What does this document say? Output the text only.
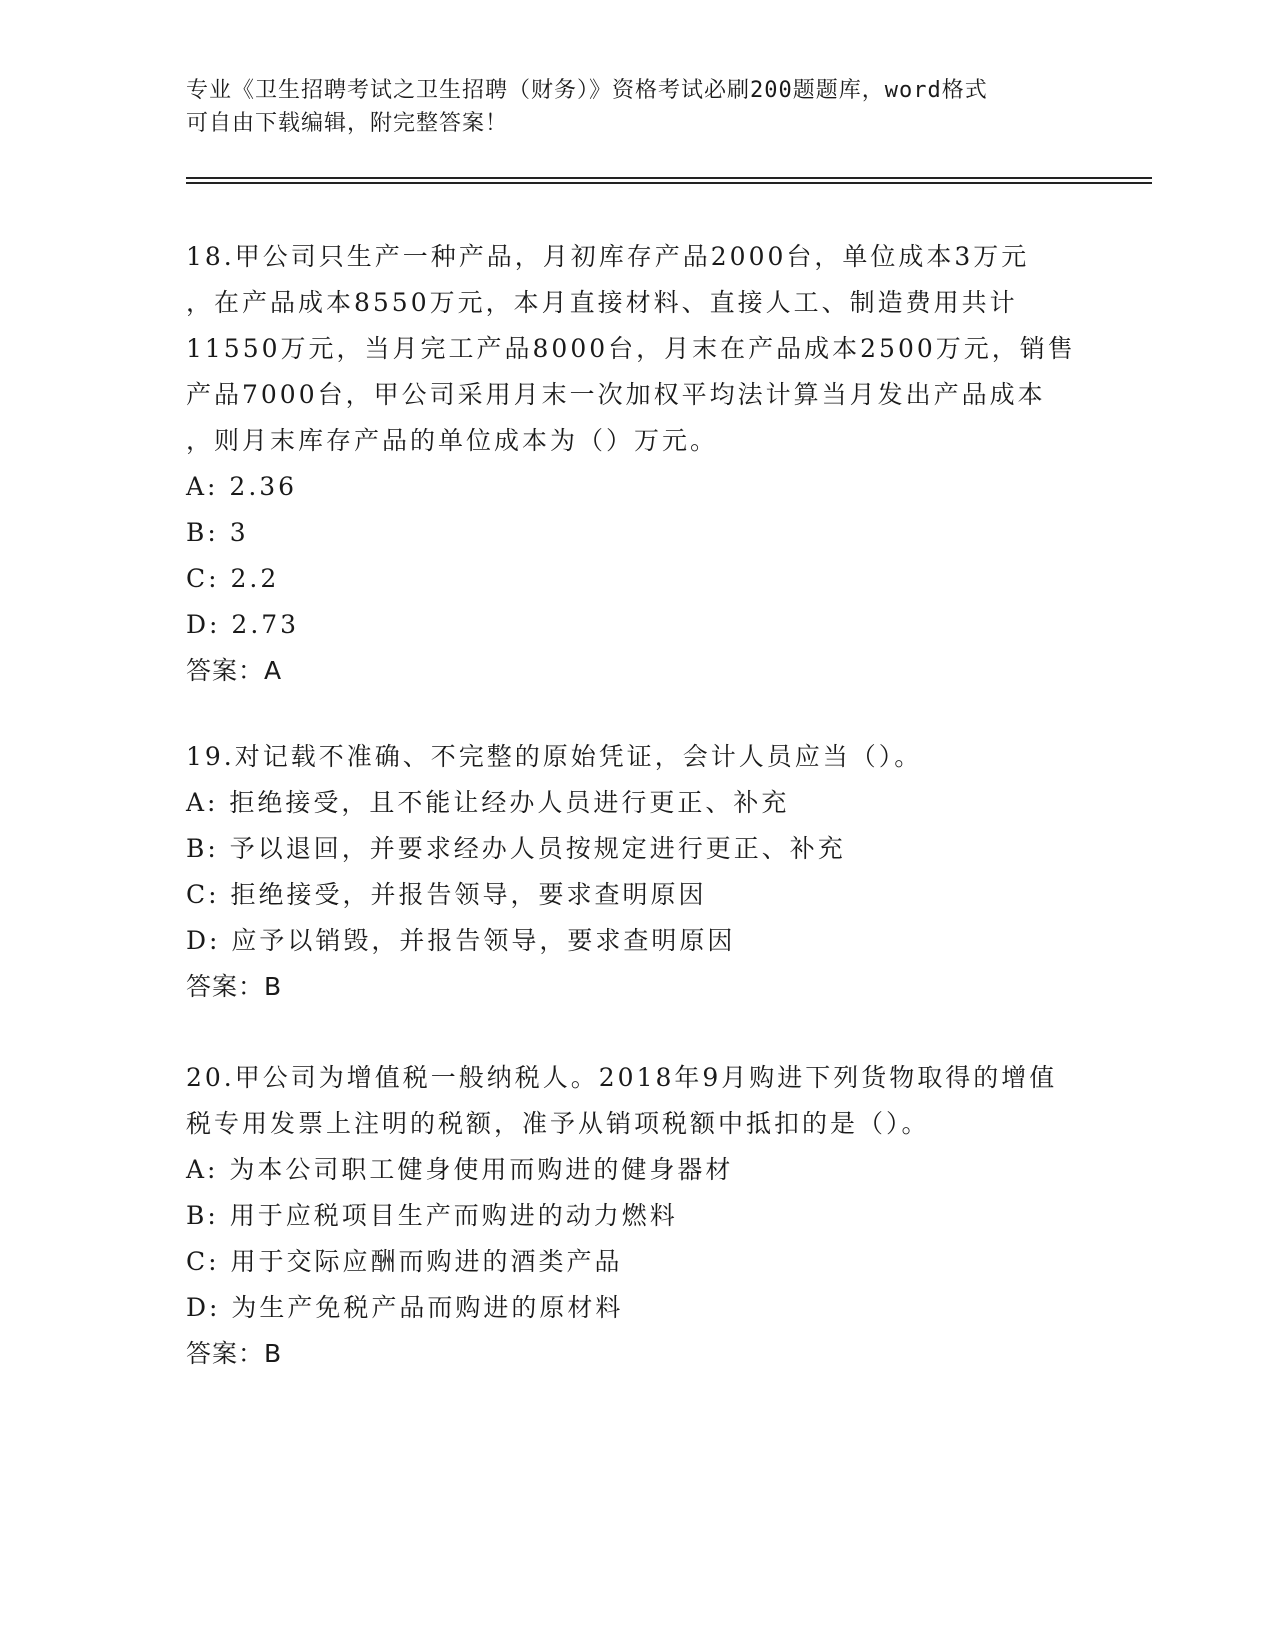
专业《卫生招聘考试之卫生招聘（财务）》资格考试必刷200题题库，word格式
可自由下载编辑，附完整答案！
18.甲公司只生产一种产品，月初库存产品2000台，单位成本3万元
，在产品成本8550万元，本月直接材料、直接人工、制造费用共计
11550万元，当月完工产品8000台，月末在产品成本2500万元，销售
产品7000台，甲公司采用月末一次加权平均法计算当月发出产品成本
，则月末库存产品的单位成本为（）万元。
A: 2.36
B: 3
C: 2.2
D: 2.73
答案：A
19.对记载不准确、不完整的原始凭证，会计人员应当（）。
A: 拒绝接受，且不能让经办人员进行更正、补充
B: 予以退回，并要求经办人员按规定进行更正、补充
C: 拒绝接受，并报告领导，要求查明原因
D: 应予以销毁，并报告领导，要求查明原因
答案：B
20.甲公司为增值税一般纳税人。2018年9月购进下列货物取得的增值
税专用发票上注明的税额，准予从销项税额中抵扣的是（）。
A: 为本公司职工健身使用而购进的健身器材
B: 用于应税项目生产而购进的动力燃料
C: 用于交际应酬而购进的酒类产品
D: 为生产免税产品而购进的原材料
答案：B
